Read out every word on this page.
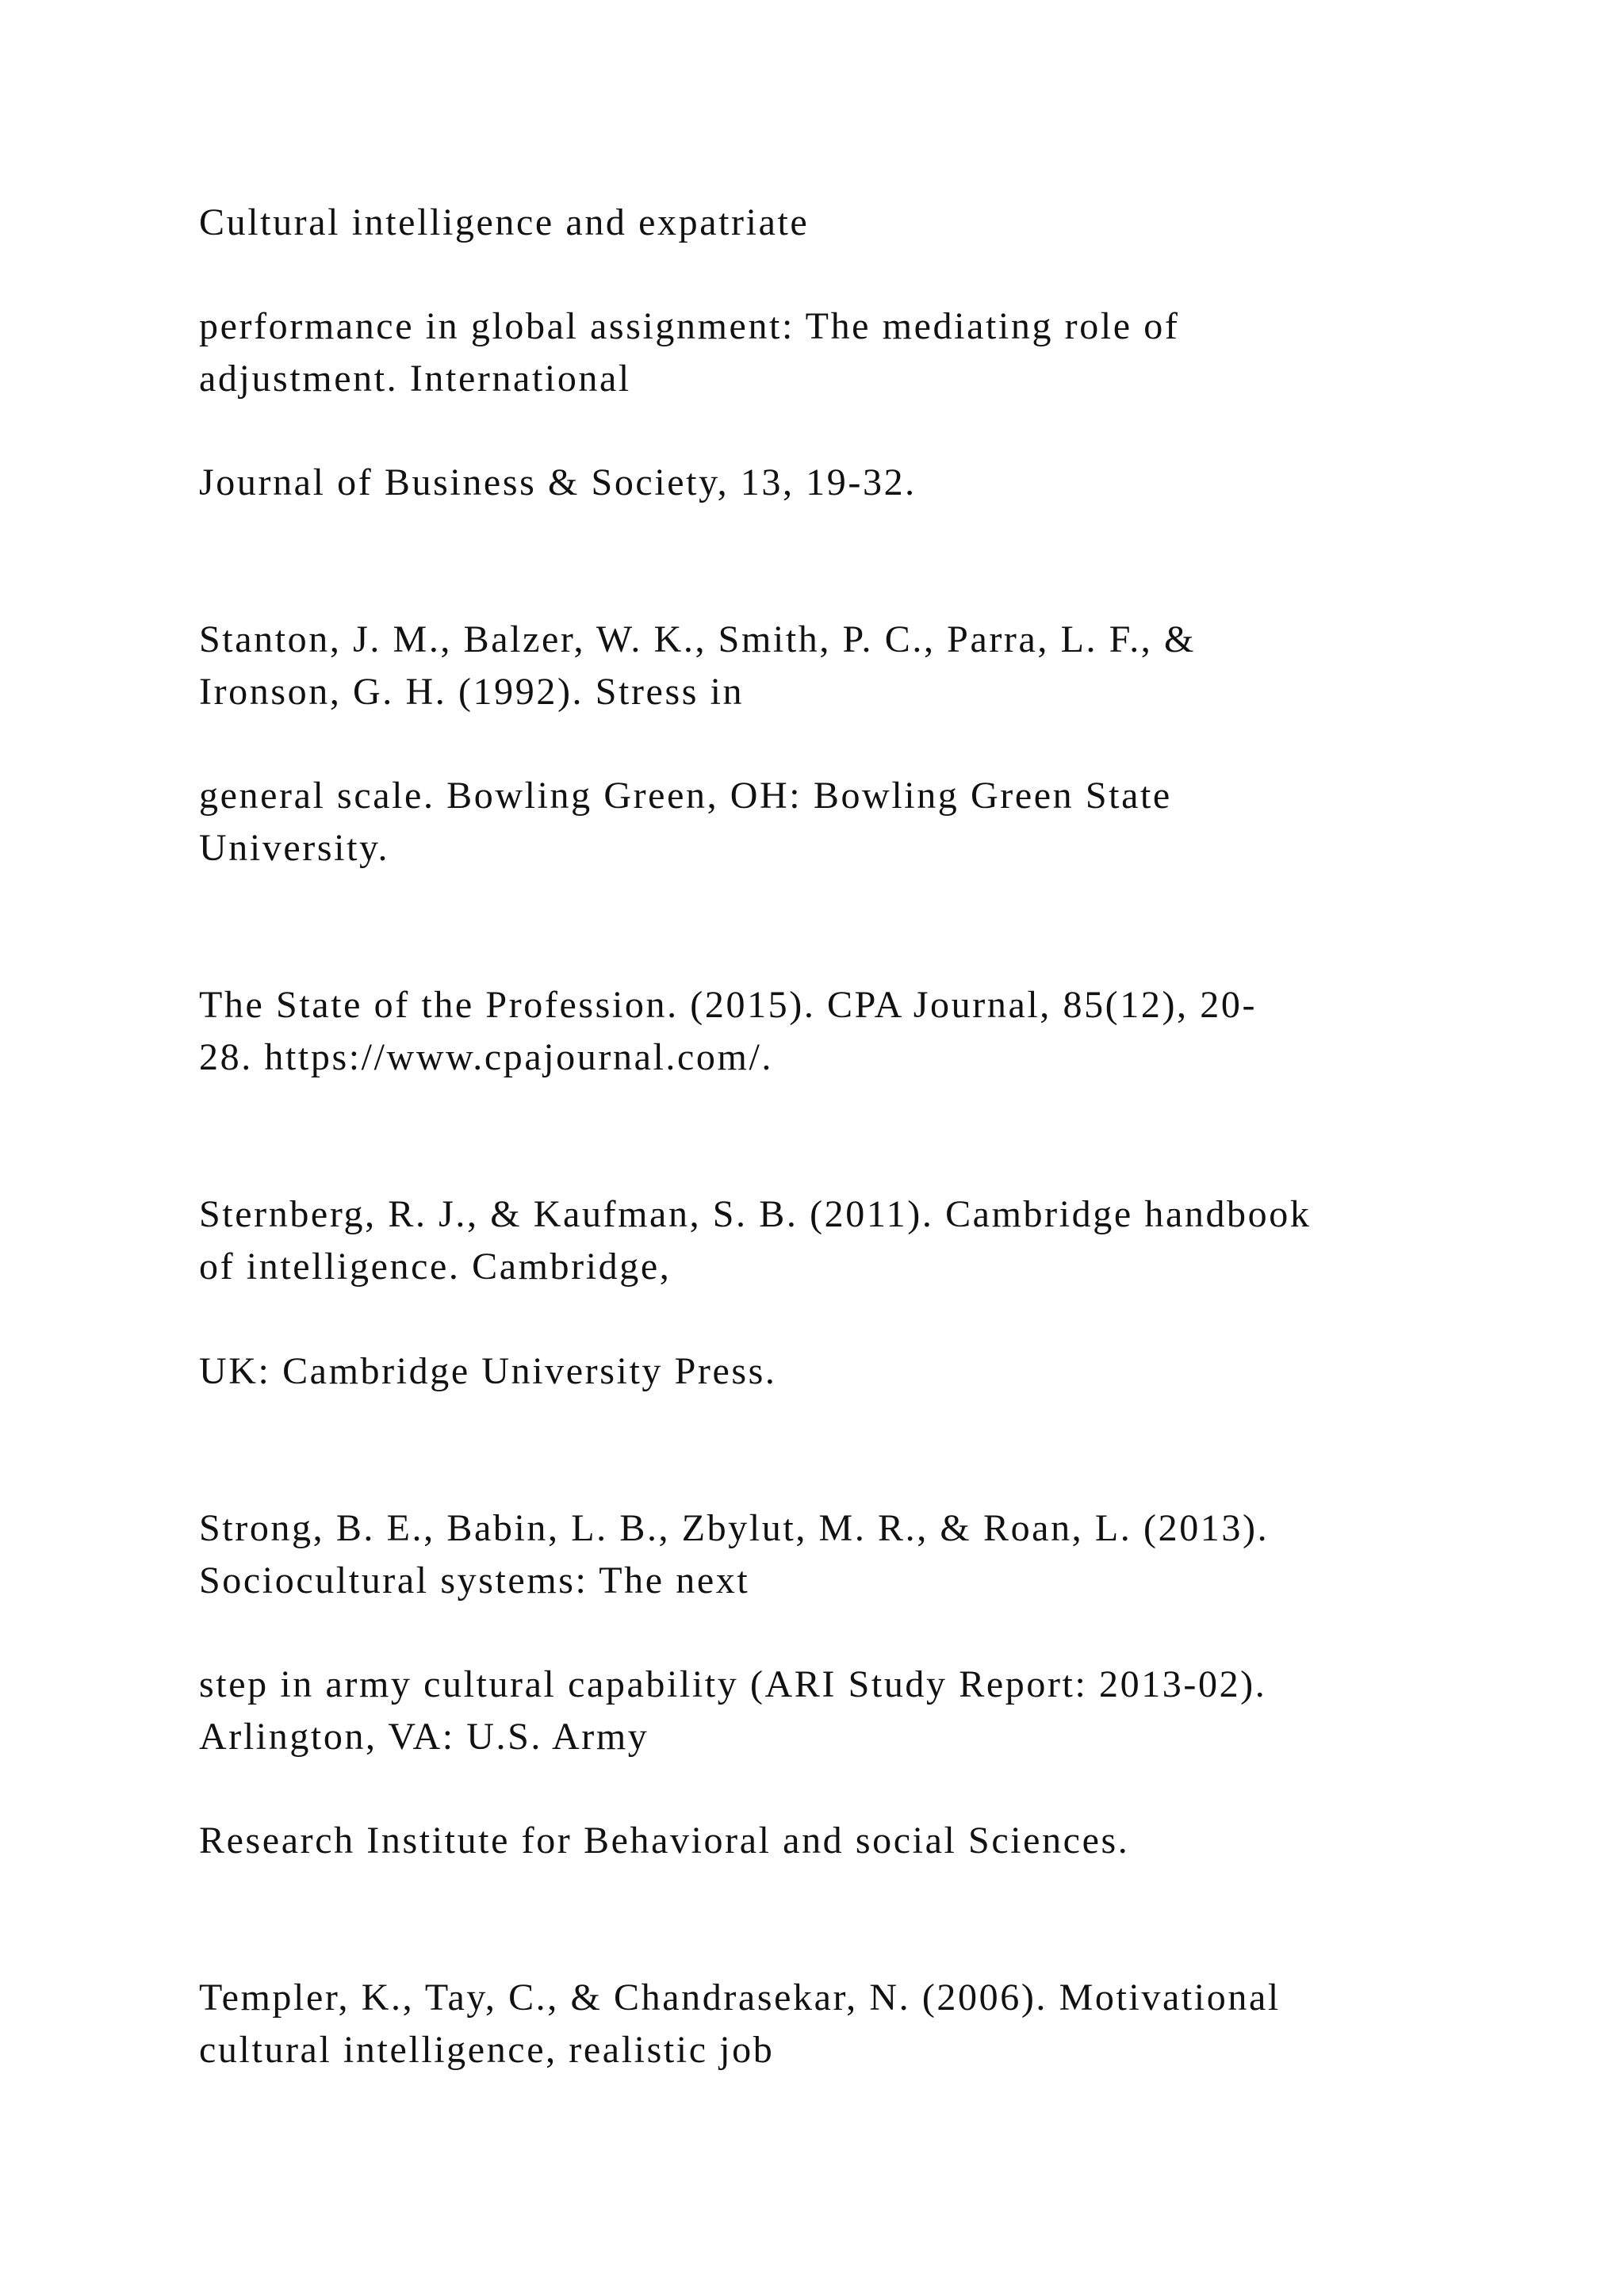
Cultural intelligence and expatriate

performance in global assignment: The mediating role of

adjustment. International

Journal of Business & Society, 13, 19-32.

Stanton, J. M., Balzer, W. K., Smith, P. C., Parra, L. F., &

Ironson, G. H. (1992). Stress in

general scale. Bowling Green, OH: Bowling Green State

University.

The State of the Profession. (2015). CPA Journal, 85(12), 20-

28. https://www.cpajournal.com/.

Sternberg, R. J., & Kaufman, S. B. (2011). Cambridge handbook

of intelligence. Cambridge,

UK: Cambridge University Press.

Strong, B. E., Babin, L. B., Zbylut, M. R., & Roan, L. (2013).

Sociocultural systems: The next

step in army cultural capability (ARI Study Report: 2013-02).

Arlington, VA: U.S. Army

Research Institute for Behavioral and social Sciences.

Templer, K., Tay, C., & Chandrasekar, N. (2006). Motivational

cultural intelligence, realistic job
